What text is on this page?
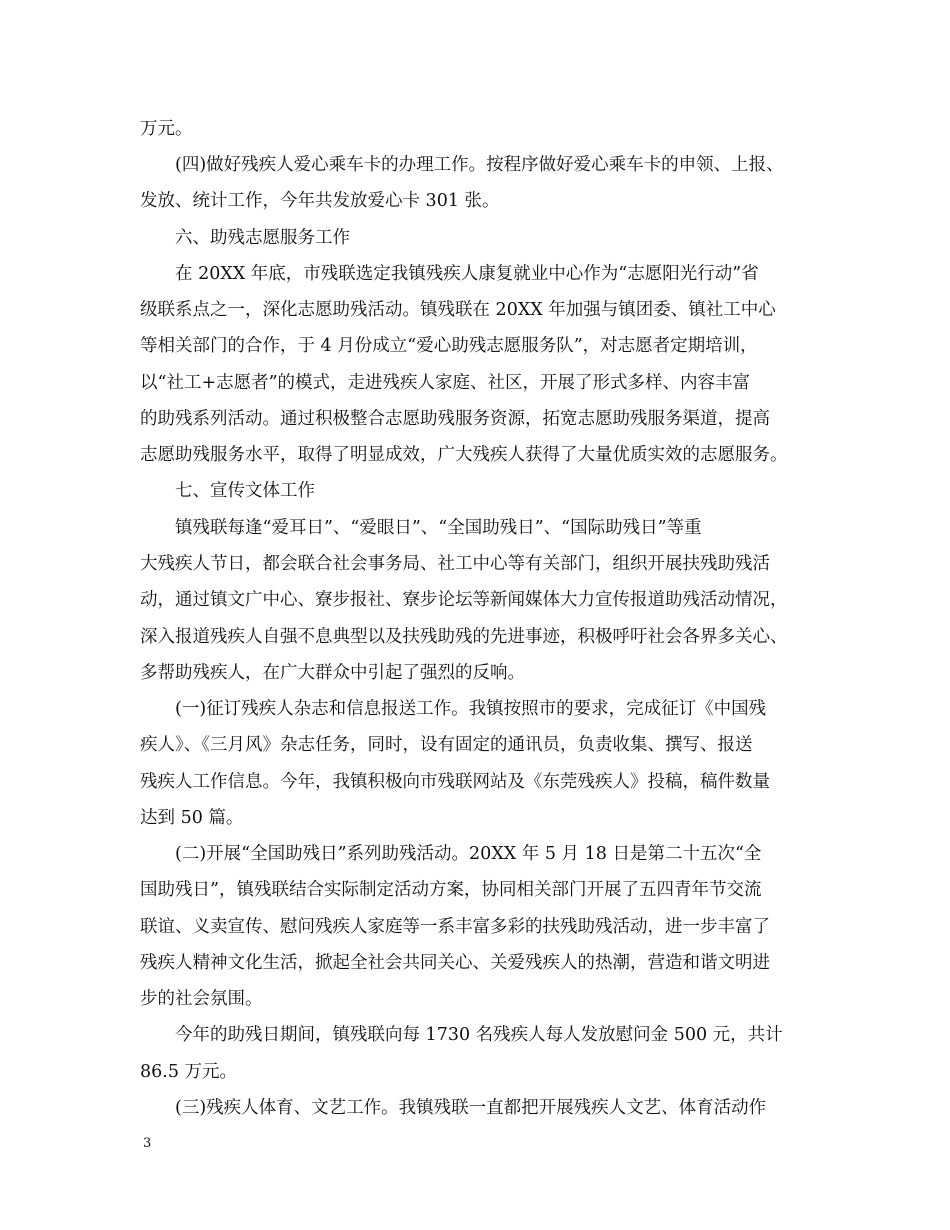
万元。
(四)做好残疾人爱心乘车卡的办理工作。按程序做好爱心乘车卡的申领、上报、
发放、统计工作，今年共发放爱心卡 301 张。
六、助残志愿服务工作
在 20XX 年底，市残联选定我镇残疾人康复就业中心作为“志愿阳光行动”省
级联系点之一，深化志愿助残活动。镇残联在 20XX 年加强与镇团委、镇社工中心
等相关部门的合作，于 4 月份成立“爱心助残志愿服务队”，对志愿者定期培训，
以“社工+志愿者”的模式，走进残疾人家庭、社区，开展了形式多样、内容丰富
的助残系列活动。通过积极整合志愿助残服务资源，拓宽志愿助残服务渠道，提高
志愿助残服务水平，取得了明显成效，广大残疾人获得了大量优质实效的志愿服务。
七、宣传文体工作
镇残联每逢“爱耳日”、“爱眼日”、“全国助残日”、“国际助残日”等重
大残疾人节日，都会联合社会事务局、社工中心等有关部门，组织开展扶残助残活
动，通过镇文广中心、寮步报社、寮步论坛等新闻媒体大力宣传报道助残活动情况，
深入报道残疾人自强不息典型以及扶残助残的先进事迹，积极呼吁社会各界多关心、
多帮助残疾人，在广大群众中引起了强烈的反响。
(一)征订残疾人杂志和信息报送工作。我镇按照市的要求，完成征订《中国残
疾人》、《三月风》杂志任务，同时，设有固定的通讯员，负责收集、撰写、报送
残疾人工作信息。今年，我镇积极向市残联网站及《东莞残疾人》投稿，稿件数量
达到 50 篇。
(二)开展“全国助残日”系列助残活动。20XX 年 5 月 18 日是第二十五次“全
国助残日”，镇残联结合实际制定活动方案，协同相关部门开展了五四青年节交流
联谊、义卖宣传、慰问残疾人家庭等一系丰富多彩的扶残助残活动，进一步丰富了
残疾人精神文化生活，掀起全社会共同关心、关爱残疾人的热潮，营造和谐文明进
步的社会氛围。
今年的助残日期间，镇残联向每 1730 名残疾人每人发放慰问金 500 元，共计
86.5 万元。
(三)残疾人体育、文艺工作。我镇残联一直都把开展残疾人文艺、体育活动作
3
